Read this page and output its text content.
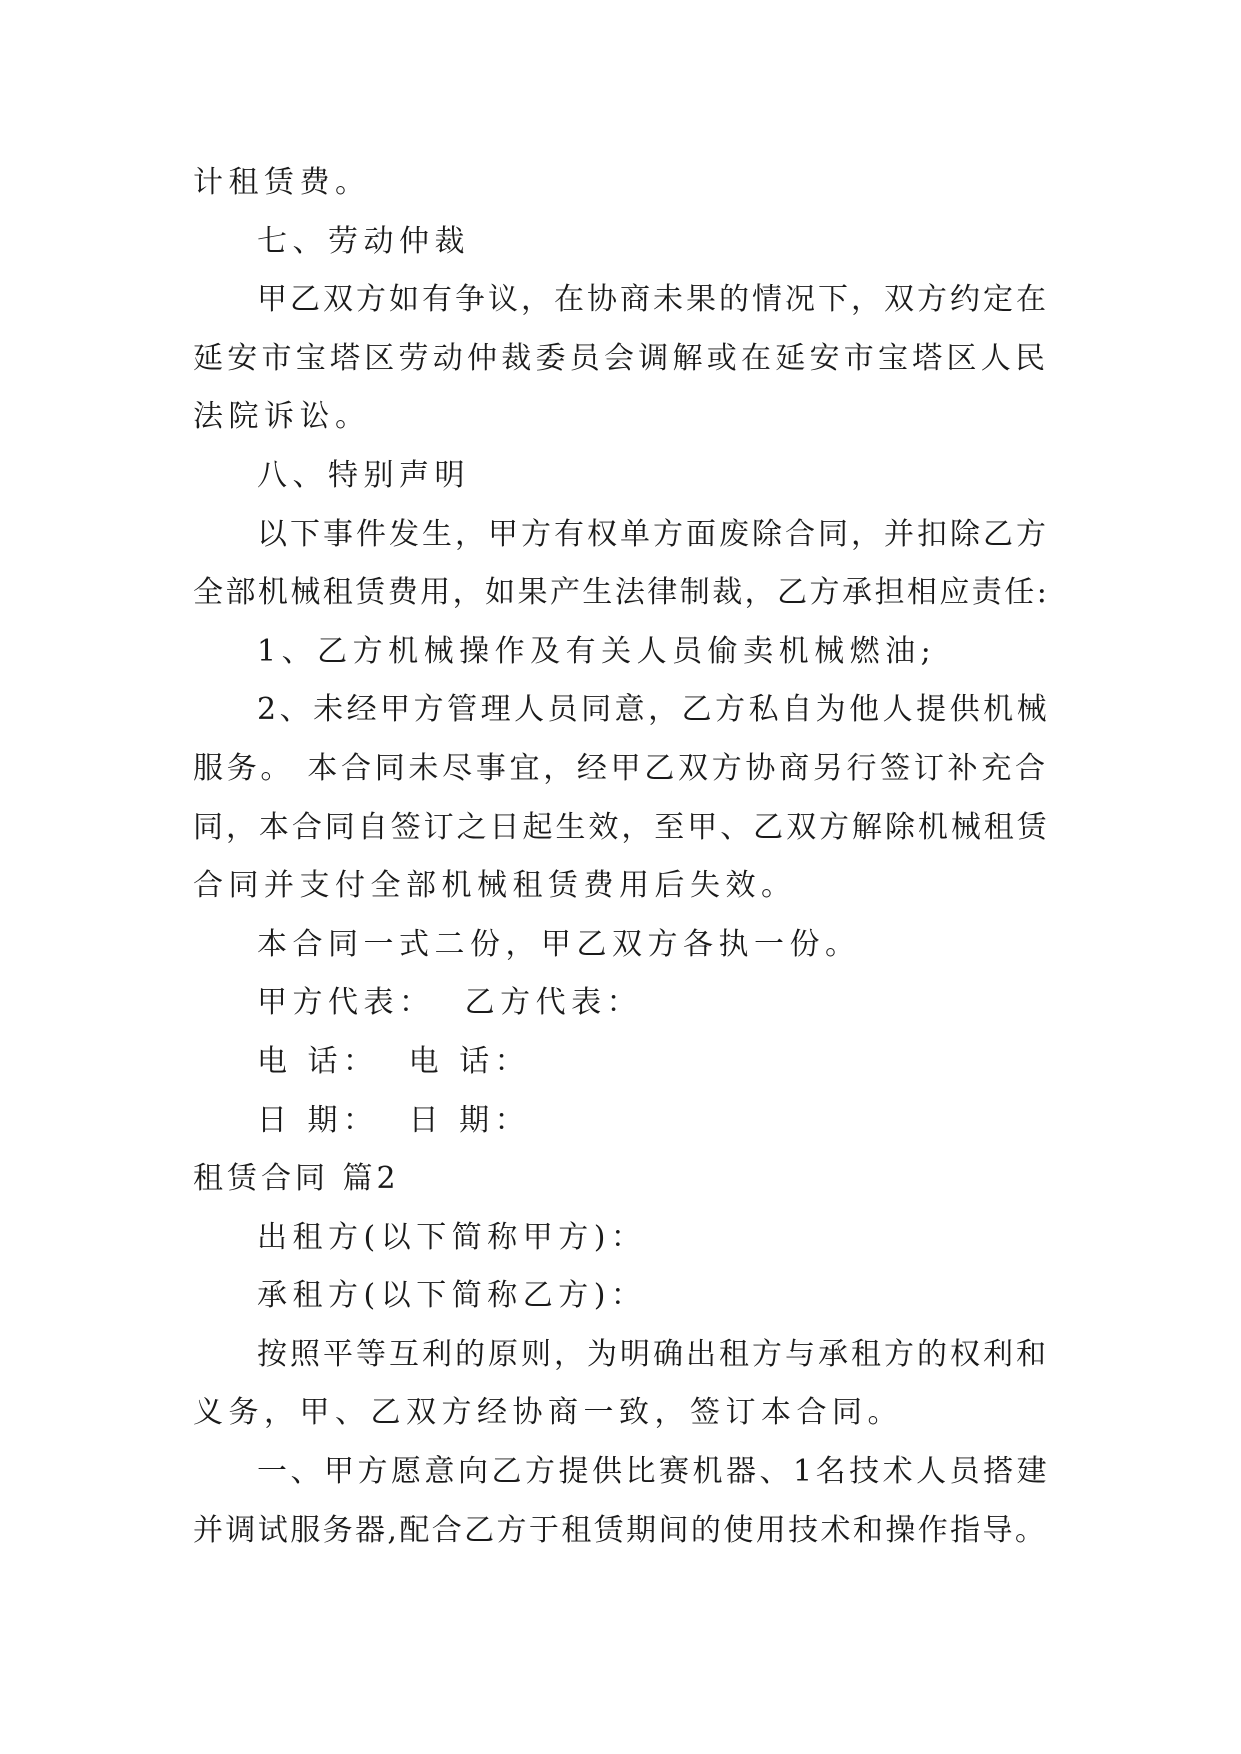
计租赁费。

七、劳动仲裁

甲乙双方如有争议，在协商未果的情况下，双方约定在

延安市宝塔区劳动仲裁委员会调解或在延安市宝塔区人民

法院诉讼。

八、特别声明

以下事件发生，甲方有权单方面废除合同，并扣除乙方

全部机械租赁费用，如果产生法律制裁，乙方承担相应责任:

1、乙方机械操作及有关人员偷卖机械燃油;

2、未经甲方管理人员同意，乙方私自为他人提供机械

服务。 本合同未尽事宜，经甲乙双方协商另行签订补充合

同，本合同自签订之日起生效，至甲、乙双方解除机械租赁

合同并支付全部机械租赁费用后失效。

本合同一式二份，甲乙双方各执一份。

甲方代表：  乙方代表：

电 话：  电 话：

日 期：  日 期：

租赁合同 篇2

出租方(以下简称甲方)：

承租方(以下简称乙方)：

按照平等互利的原则，为明确出租方与承租方的权利和

义务，甲、乙双方经协商一致，签订本合同。

一、甲方愿意向乙方提供比赛机器、1名技术人员搭建

并调试服务器,配合乙方于租赁期间的使用技术和操作指导。
